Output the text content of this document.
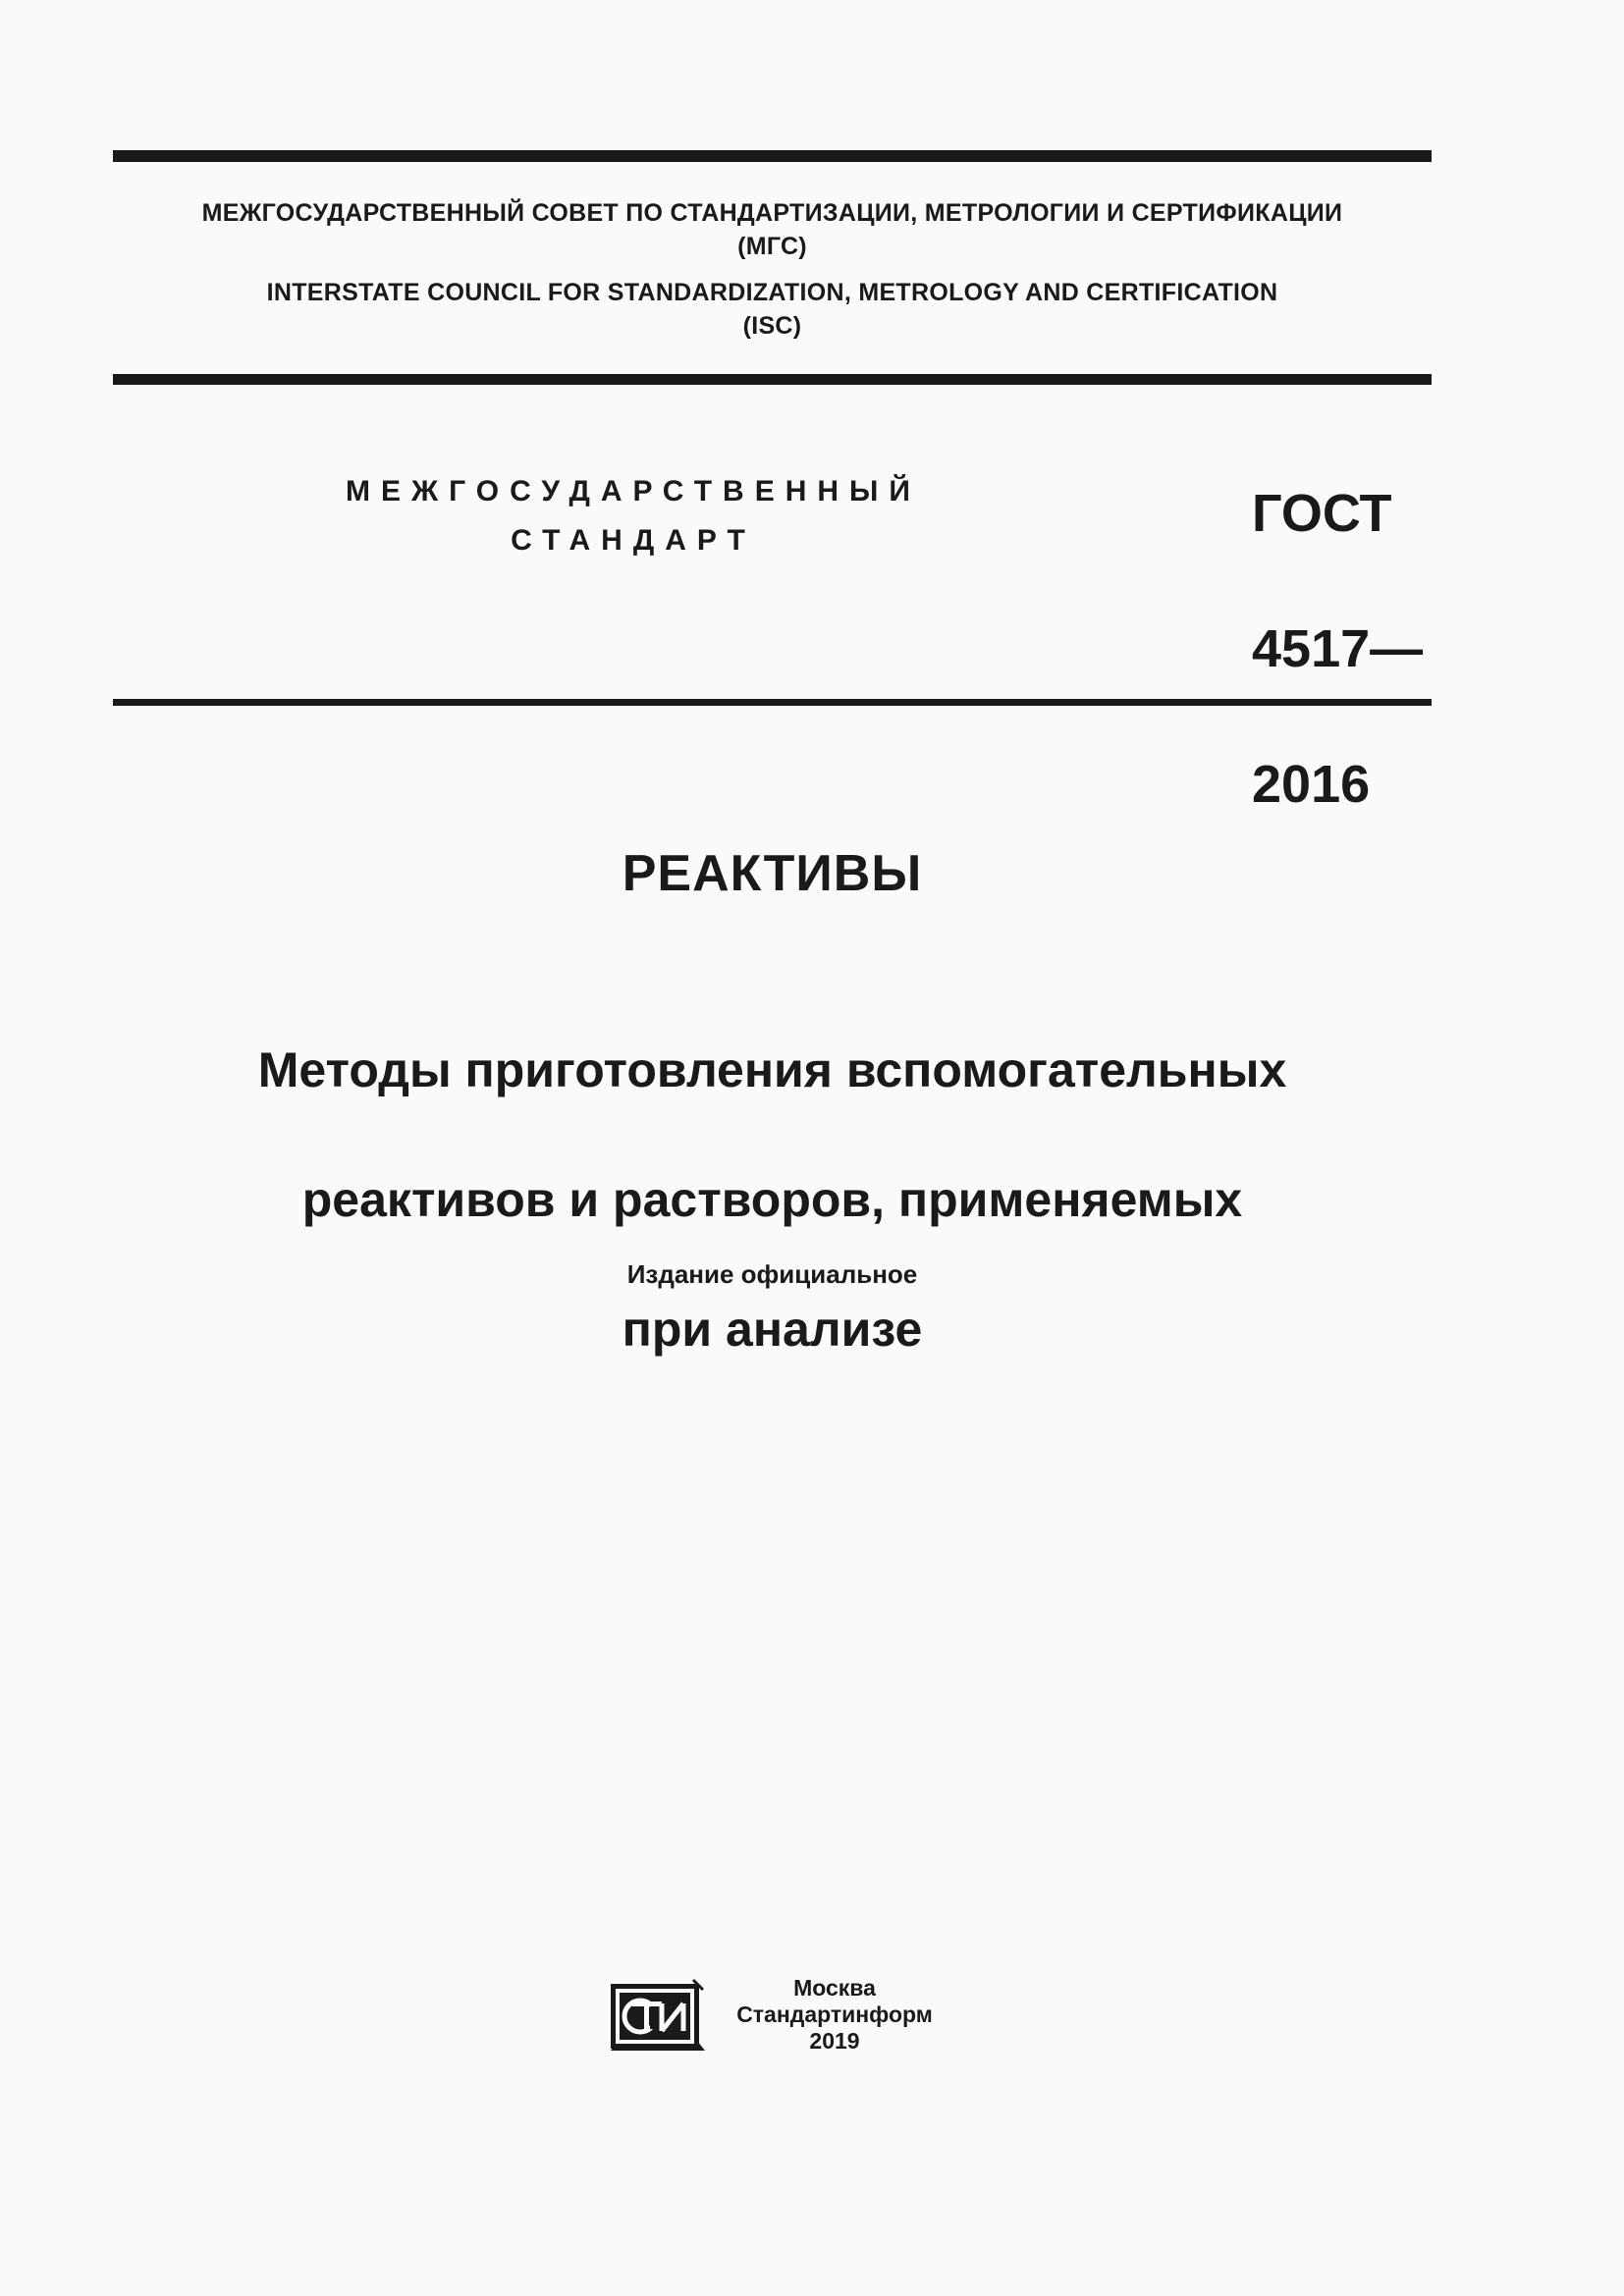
МЕЖГОСУДАРСТВЕННЫЙ СОВЕТ ПО СТАНДАРТИЗАЦИИ, МЕТРОЛОГИИ И СЕРТИФИКАЦИИ
(МГС)
INTERSTATE COUNCIL FOR STANDARDIZATION, METROLOGY AND CERTIFICATION
(ISC)
МЕЖГОСУДАРСТВЕННЫЙ
СТАНДАРТ	ГОСТ

4517—

2016

РЕАКТИВЫ

Методы приготовления вспомогательных

реактивов и растворов, применяемых

при анализе

Издание официальное
Москва
Стандартинформ
2019
